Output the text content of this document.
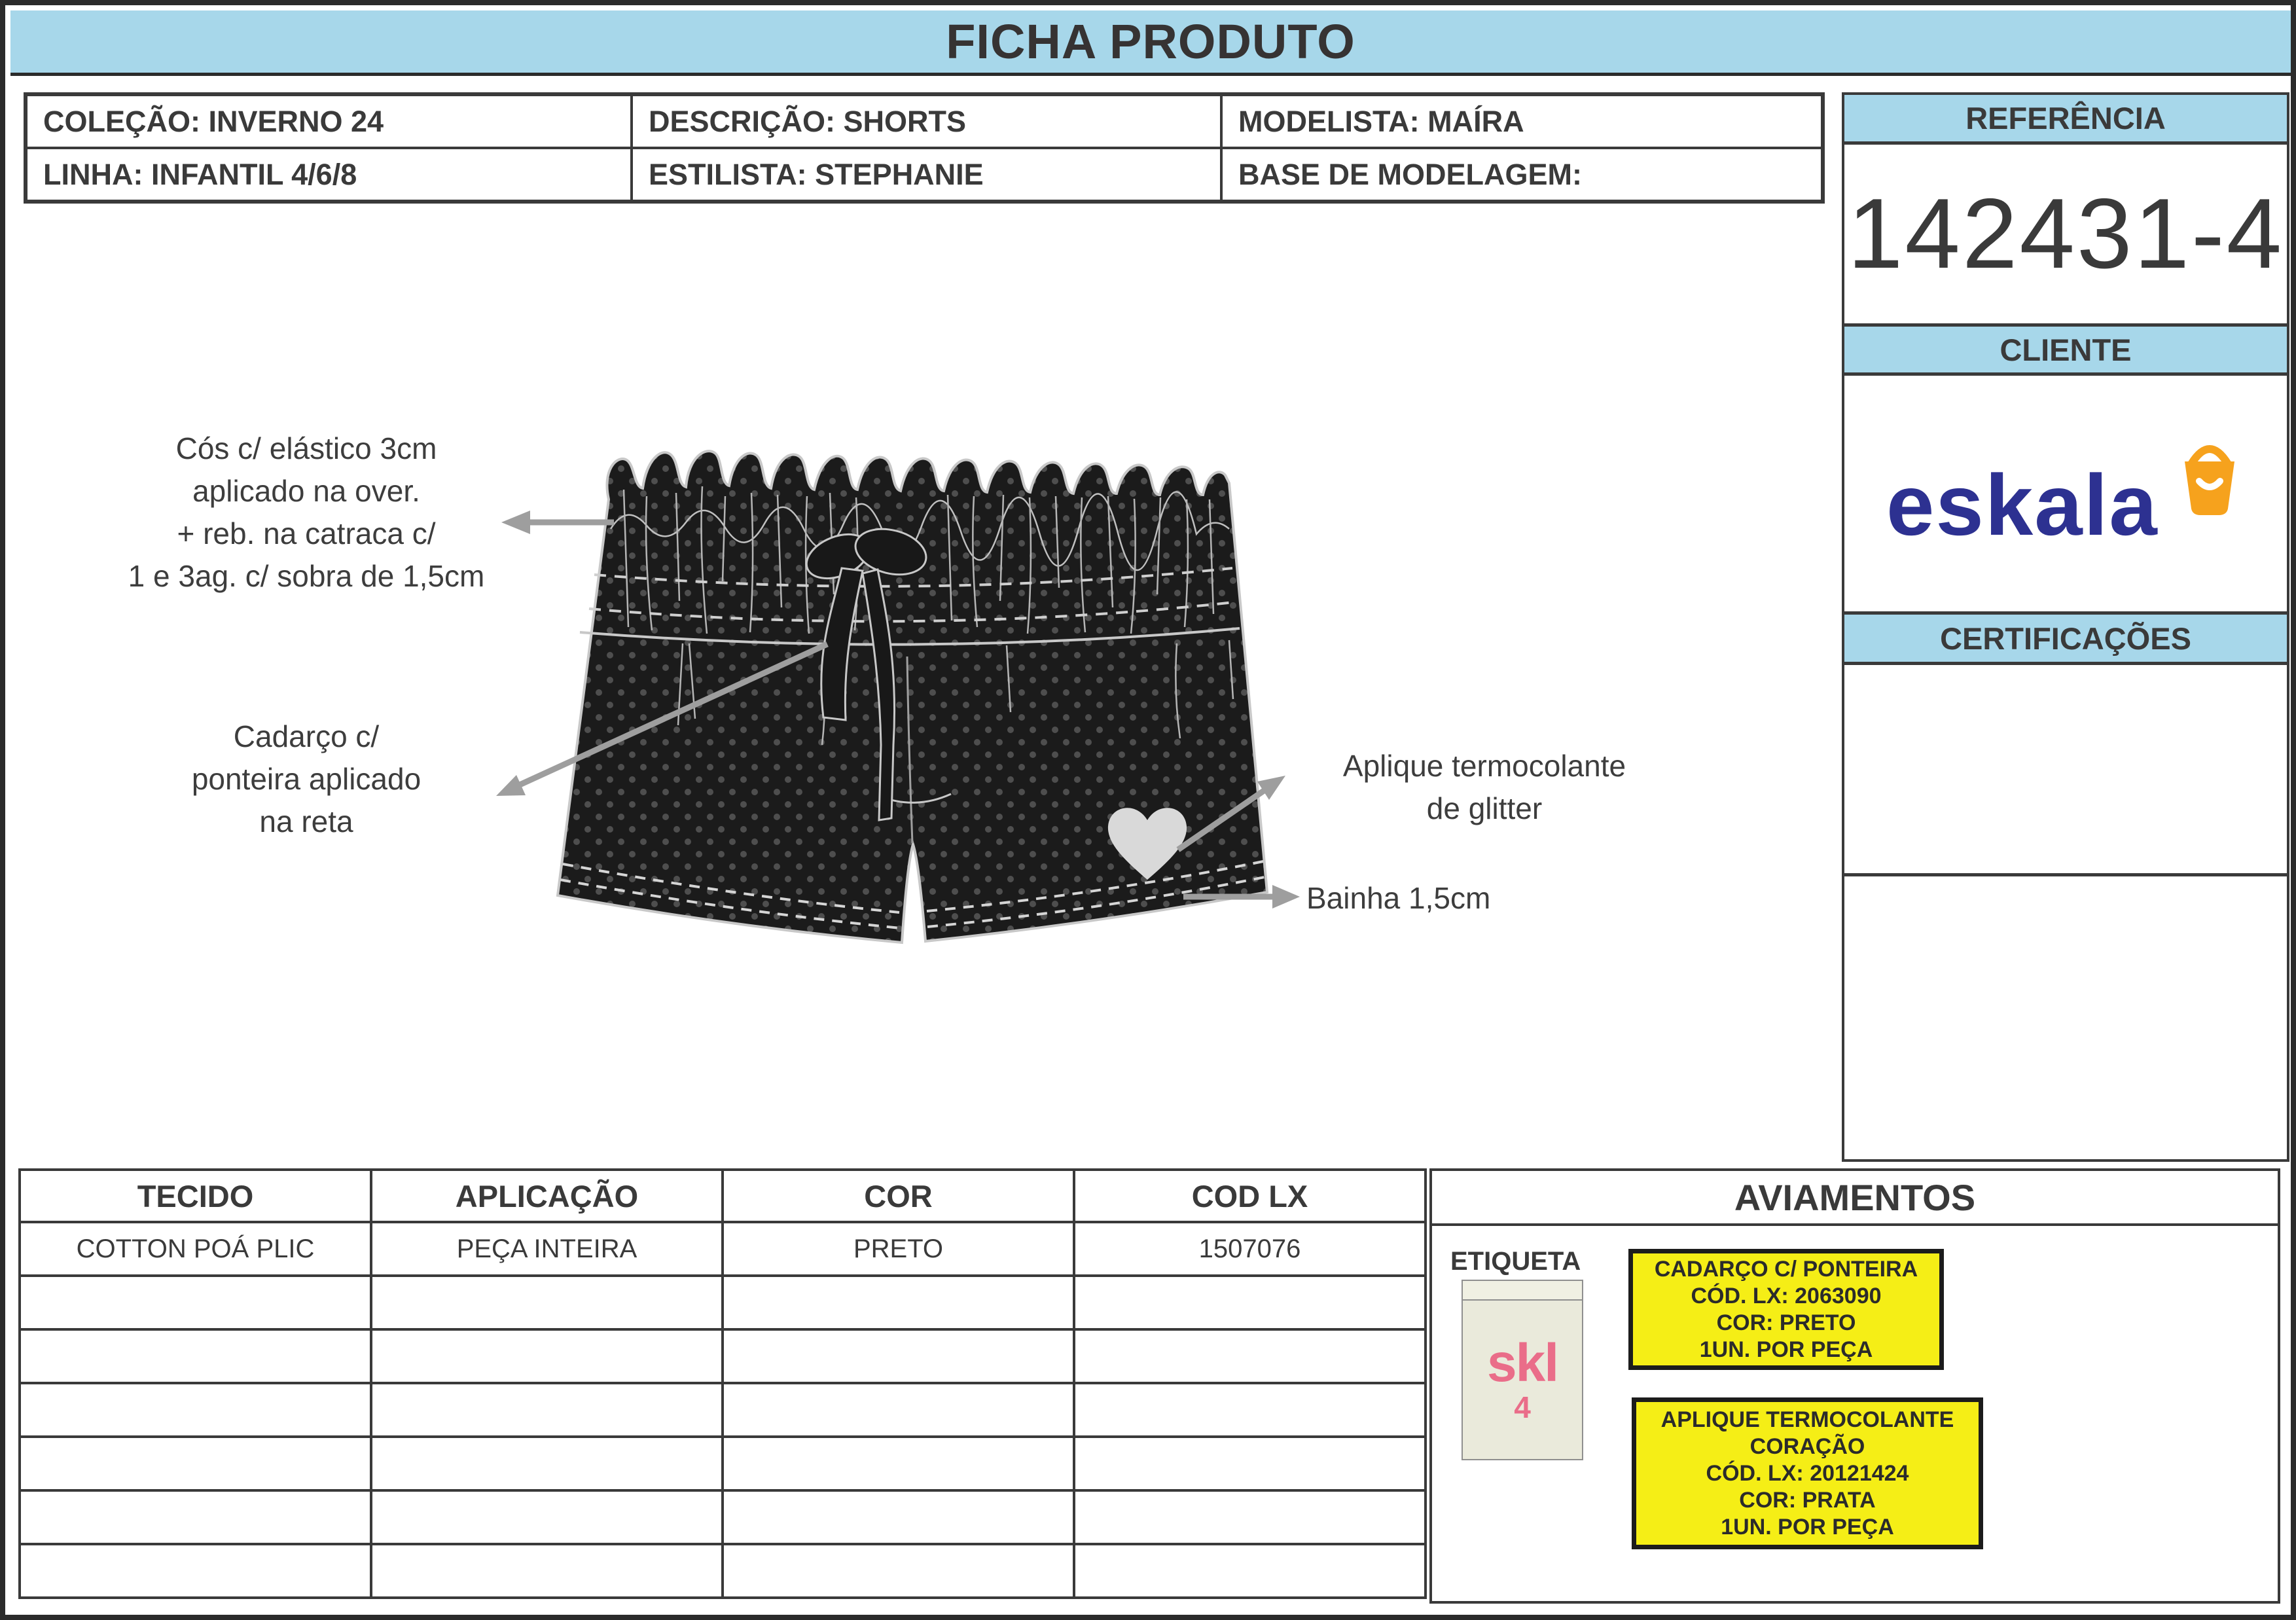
FICHA PRODUTO
COLEÇÃO: INVERNO 24	DESCRIÇÃO: SHORTS	MODELISTA: MAÍRA
LINHA: INFANTIL 4/6/8	ESTILISTA: STEPHANIE	BASE DE MODELAGEM:
REFERÊNCIA
142431-4
CLIENTE
eskala
CERTIFICAÇÕES
Cós c/ elástico 3cm
aplicado na over.
+ reb. na catraca c/
1 e 3ag. c/ sobra de 1,5cm
Cadarço c/
ponteira aplicado
na reta
Aplique termocolante
de glitter
Bainha 1,5cm
TECIDO	APLICAÇÃO	COR	COD LX
COTTON POÁ PLIC	PEÇA INTEIRA	PRETO	1507076

AVIAMENTOS
ETIQUETA
skl
4
CADARÇO C/ PONTEIRA
CÓD. LX: 2063090
COR: PRETO
1UN. POR PEÇA
APLIQUE TERMOCOLANTE
CORAÇÃO
CÓD. LX: 20121424
COR: PRATA
1UN. POR PEÇA
